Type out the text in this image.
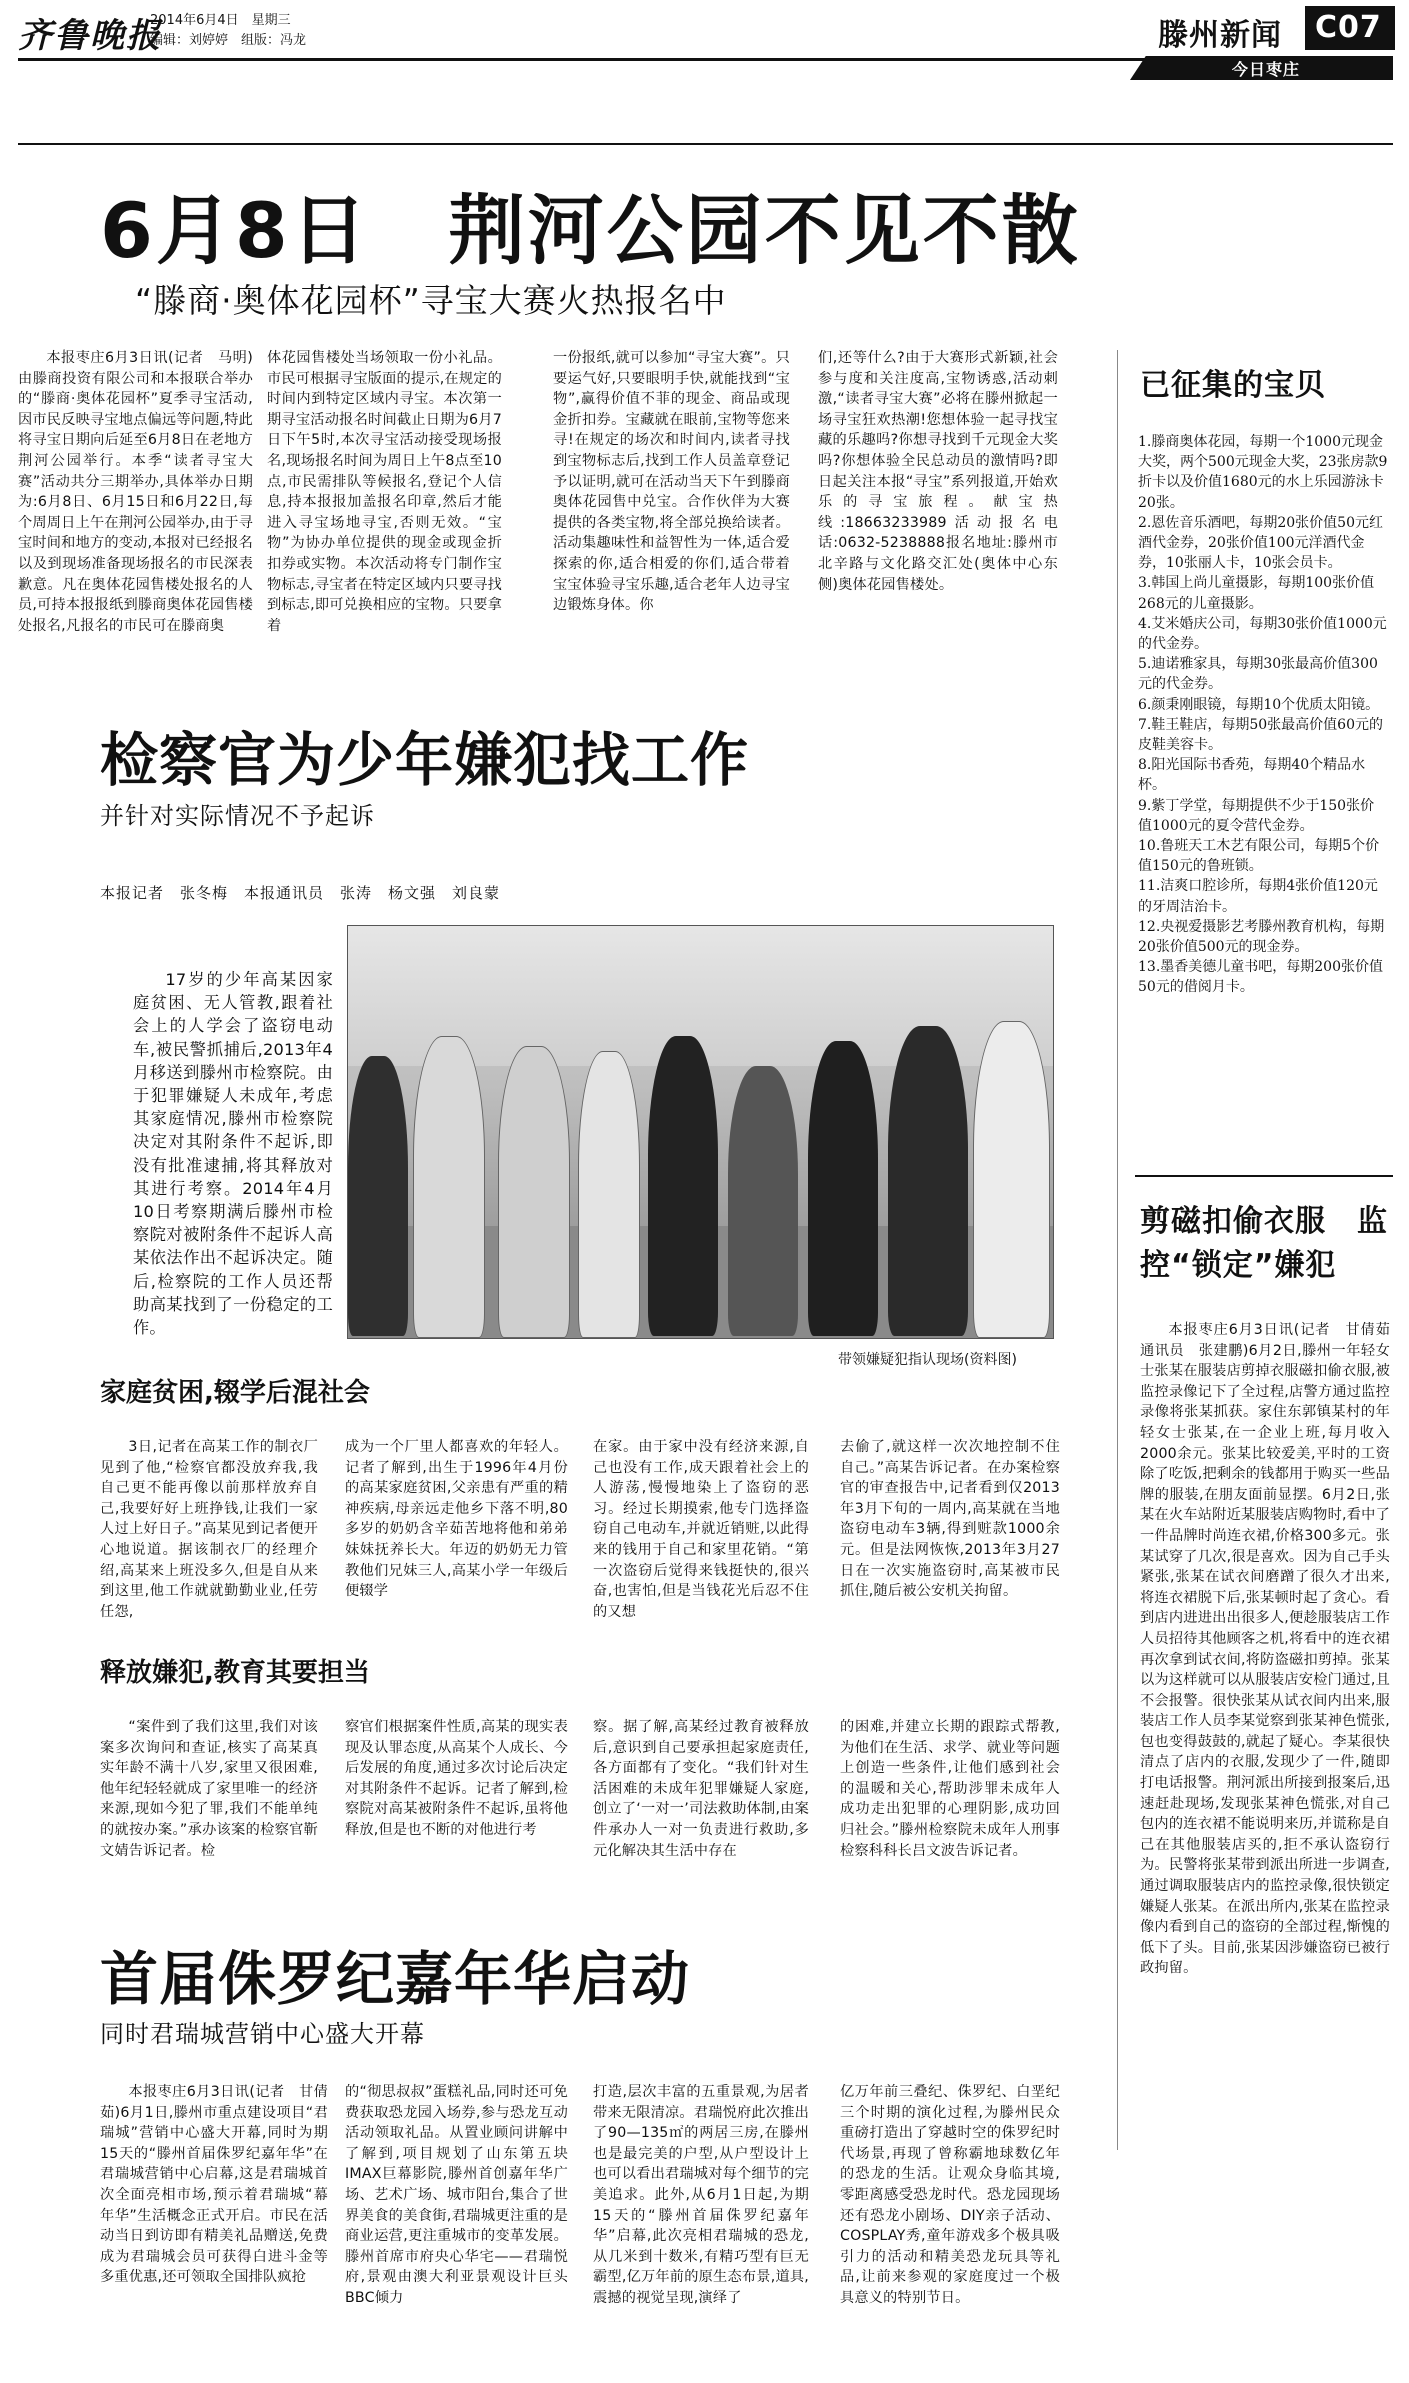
齐鲁晚报
2014年6月4日　 星期三
编辑：刘婷婷　组版：冯龙	滕州新闻 C07
今日枣庄
6月8日　荆河公园不见不散
“滕商·奥体花园杯”寻宝大赛火热报名中

本报枣庄6月3日讯(记者　马明)由滕商投资有限公司和本报联合举办的“滕商·奥体花园杯”夏季寻宝活动,因市民反映寻宝地点偏远等问题,特此将寻宝日期向后延至6月8日在老地方荆河公园举行。本季“读者寻宝大赛”活动共分三期举办,具体举办日期为:6月8日、6月15日和6月22日,每个周周日上午在荆河公园举办,由于寻宝时间和地方的变动,本报对已经报名以及到现场准备现场报名的市民深表歉意。凡在奥体花园售楼处报名的人员,可持本报报纸到滕商奥体花园售楼处报名,凡报名的市民可在滕商奥

体花园售楼处当场领取一份小礼品。市民可根据寻宝版面的提示,在规定的时间内到特定区域内寻宝。本次第一期寻宝活动报名时间截止日期为6月7日下午5时,本次寻宝活动接受现场报名,现场报名时间为周日上午8点至10点,市民需排队等候报名,登记个人信息,持本报报加盖报名印章,然后才能进入寻宝场地寻宝,否则无效。“宝物”为协办单位提供的现金或现金折扣券或实物。本次活动将专门制作宝物标志,寻宝者在特定区域内只要寻找到标志,即可兑换相应的宝物。只要拿着

一份报纸,就可以参加“寻宝大赛”。只要运气好,只要眼明手快,就能找到“宝物”,赢得价值不菲的现金、商品或现金折扣券。宝藏就在眼前,宝物等您来寻!在规定的场次和时间内,读者寻找到宝物标志后,找到工作人员盖章登记予以证明,就可在活动当天下午到滕商奥体花园售中兑宝。合作伙伴为大赛提供的各类宝物,将全部兑换给读者。活动集趣味性和益智性为一体,适合爱探索的你,适合相爱的你们,适合带着宝宝体验寻宝乐趣,适合老年人边寻宝边锻炼身体。你

们,还等什么?由于大赛形式新颖,社会参与度和关注度高,宝物诱惑,活动刺激,“读者寻宝大赛”必将在滕州掀起一场寻宝狂欢热潮!您想体验一起寻找宝藏的乐趣吗?你想寻找到千元现金大奖吗?你想体验全民总动员的激情吗?即日起关注本报“寻宝”系列报道,开始欢乐的寻宝旅程。献宝热线:18663233989活动报名电话:0632-5238888报名地址:滕州市北辛路与文化路交汇处(奥体中心东侧)奥体花园售楼处。

已征集的宝贝
1.滕商奥体花园，每期一个1000元现金大奖，两个500元现金大奖，23张房款9折卡以及价值1680元的水上乐园游泳卡20张。
2.恩佐音乐酒吧，每期20张价值50元红酒代金券，20张价值100元洋酒代金券，10张丽人卡，10张会员卡。
3.韩国上尚儿童摄影，每期100张价值268元的儿童摄影。
4.艾米婚庆公司，每期30张价值1000元的代金券。
5.迪诺雅家具，每期30张最高价值300元的代金券。
6.颜秉刚眼镜，每期10个优质太阳镜。
7.鞋王鞋店，每期50张最高价值60元的皮鞋美容卡。
8.阳光国际书香苑，每期40个精品水杯。
9.紫丁学堂，每期提供不少于150张价值1000元的夏令营代金券。
10.鲁班天工木艺有限公司，每期5个价值150元的鲁班锁。
11.洁爽口腔诊所，每期4张价值120元的牙周洁治卡。
12.央视爱摄影艺考滕州教育机构，每期20张价值500元的现金券。
13.墨香美德儿童书吧，每期200张价值50元的借阅月卡。
检察官为少年嫌犯找工作
并针对实际情况不予起诉
本报记者　张冬梅　本报通讯员　张涛　杨文强　刘良蒙

17岁的少年高某因家庭贫困、无人管教,跟着社会上的人学会了盗窃电动车,被民警抓捕后,2013年4月移送到滕州市检察院。由于犯罪嫌疑人未成年,考虑其家庭情况,滕州市检察院决定对其附条件不起诉,即没有批准逮捕,将其释放对其进行考察。2014年4月10日考察期满后滕州市检察院对被附条件不起诉人高某依法作出不起诉决定。随后,检察院的工作人员还帮助高某找到了一份稳定的工作。

带领嫌疑犯指认现场(资料图)
家庭贫困,辍学后混社会

3日,记者在高某工作的制衣厂见到了他,“检察官都没放弃我,我自己更不能再像以前那样放弃自己,我要好好上班挣钱,让我们一家人过上好日子。”高某见到记者便开心地说道。据该制衣厂的经理介绍,高某来上班没多久,但是自从来到这里,他工作就就勤勤业业,任劳任怨,

成为一个厂里人都喜欢的年轻人。记者了解到,出生于1996年4月份的高某家庭贫困,父亲患有严重的精神疾病,母亲远走他乡下落不明,80多岁的奶奶含辛茹苦地将他和弟弟妹妹抚养长大。年迈的奶奶无力管教他们兄妹三人,高某小学一年级后便辍学

在家。由于家中没有经济来源,自己也没有工作,成天跟着社会上的人游荡,慢慢地染上了盗窃的恶习。经过长期摸索,他专门选择盗窃自己电动车,并就近销赃,以此得来的钱用于自己和家里花销。“第一次盗窃后觉得来钱挺快的,很兴奋,也害怕,但是当钱花光后忍不住的又想

去偷了,就这样一次次地控制不住自己。”高某告诉记者。在办案检察官的审查报告中,记者看到仅2013年3月下旬的一周内,高某就在当地盗窃电动车3辆,得到赃款1000余元。但是法网恢恢,2013年3月27日在一次实施盗窃时,高某被市民抓住,随后被公安机关拘留。

释放嫌犯,教育其要担当

“案件到了我们这里,我们对该案多次询问和查证,核实了高某真实年龄不满十八岁,家里又很困难,他年纪轻轻就成了家里唯一的经济来源,现如今犯了罪,我们不能单纯的就按办案。”承办该案的检察官靳文婧告诉记者。检

察官们根据案件性质,高某的现实表现及认罪态度,从高某个人成长、今后发展的角度,通过多次讨论后决定对其附条件不起诉。记者了解到,检察院对高某被附条件不起诉,虽将他释放,但是也不断的对他进行考

察。据了解,高某经过教育被释放后,意识到自己要承担起家庭责任,各方面都有了变化。“我们针对生活困难的未成年犯罪嫌疑人家庭,创立了‘一对一’司法救助体制,由案件承办人一对一负责进行救助,多元化解决其生活中存在

的困难,并建立长期的跟踪式帮教,为他们在生活、求学、就业等问题上创造一些条件,让他们感到社会的温暖和关心,帮助涉罪未成年人成功走出犯罪的心理阴影,成功回归社会。”滕州检察院未成年人刑事检察科科长吕文波告诉记者。

剪磁扣偷衣服　监控“锁定”嫌犯

本报枣庄6月3日讯(记者　甘倩茹　通讯员　张建鹏)6月2日,滕州一年轻女士张某在服装店剪掉衣服磁扣偷衣服,被监控录像记下了全过程,店警方通过监控录像将张某抓获。家住东郭镇某村的年轻女士张某,在一企业上班,每月收入2000余元。张某比较爱美,平时的工资除了吃饭,把剩余的钱都用于购买一些品牌的服装,在朋友面前显摆。6月2日,张某在火车站附近某服装店购物时,看中了一件品牌时尚连衣裙,价格300多元。张某试穿了几次,很是喜欢。因为自己手头紧张,张某在试衣间磨蹭了很久才出来,将连衣裙脱下后,张某顿时起了贪心。看到店内进进出出很多人,便趁服装店工作人员招待其他顾客之机,将看中的连衣裙再次拿到试衣间,将防盗磁扣剪掉。张某以为这样就可以从服装店安检门通过,且不会报警。很快张某从试衣间内出来,服装店工作人员李某觉察到张某神色慌张,包也变得鼓鼓的,就起了疑心。李某很快清点了店内的衣服,发现少了一件,随即打电话报警。荆河派出所接到报案后,迅速赶赴现场,发现张某神色慌张,对自己包内的连衣裙不能说明来历,并谎称是自己在其他服装店买的,拒不承认盗窃行为。民警将张某带到派出所进一步调查,通过调取服装店内的监控录像,很快锁定嫌疑人张某。在派出所内,张某在监控录像内看到自己的盗窃的全部过程,惭愧的低下了头。目前,张某因涉嫌盗窃已被行政拘留。

首届侏罗纪嘉年华启动
同时君瑞城营销中心盛大开幕

本报枣庄6月3日讯(记者　甘倩茹)6月1日,滕州市重点建设项目“君瑞城”营销中心盛大开幕,同时为期15天的“滕州首届侏罗纪嘉年华”在君瑞城营销中心启幕,这是君瑞城首次全面亮相市场,预示着君瑞城“幕年华”生活概念正式开启。市民在活动当日到访即有精美礼品赠送,免费成为君瑞城会员可获得白进斗金等多重优惠,还可领取全国排队疯抢

的“彻思叔叔”蛋糕礼品,同时还可免费获取恐龙园入场券,参与恐龙互动活动领取礼品。从置业顾问讲解中了解到,项目规划了山东第五块IMAX巨幕影院,滕州首创嘉年华广场、艺术广场、城市阳台,集合了世界美食的美食街,君瑞城更注重的是商业运营,更注重城市的变革发展。滕州首席市府央心华宅——君瑞悦府,景观由澳大利亚景观设计巨头BBC倾力

打造,层次丰富的五重景观,为居者带来无限清凉。君瑞悦府此次推出了90—135㎡的两居三房,在滕州也是最完美的户型,从户型设计上也可以看出君瑞城对每个细节的完美追求。此外,从6月1日起,为期15天的“滕州首届侏罗纪嘉年华”启幕,此次亮相君瑞城的恐龙,从几米到十数米,有精巧型有巨无霸型,亿万年前的原生态布景,道具,震撼的视觉呈现,演绎了

亿万年前三叠纪、侏罗纪、白垩纪三个时期的演化过程,为滕州民众重磅打造出了穿越时空的侏罗纪时代场景,再现了曾称霸地球数亿年的恐龙的生活。让观众身临其境,零距离感受恐龙时代。恐龙园现场还有恐龙小剧场、DIY亲子活动、COSPLAY秀,童年游戏多个极具吸引力的活动和精美恐龙玩具等礼品,让前来参观的家庭度过一个极具意义的特别节日。
